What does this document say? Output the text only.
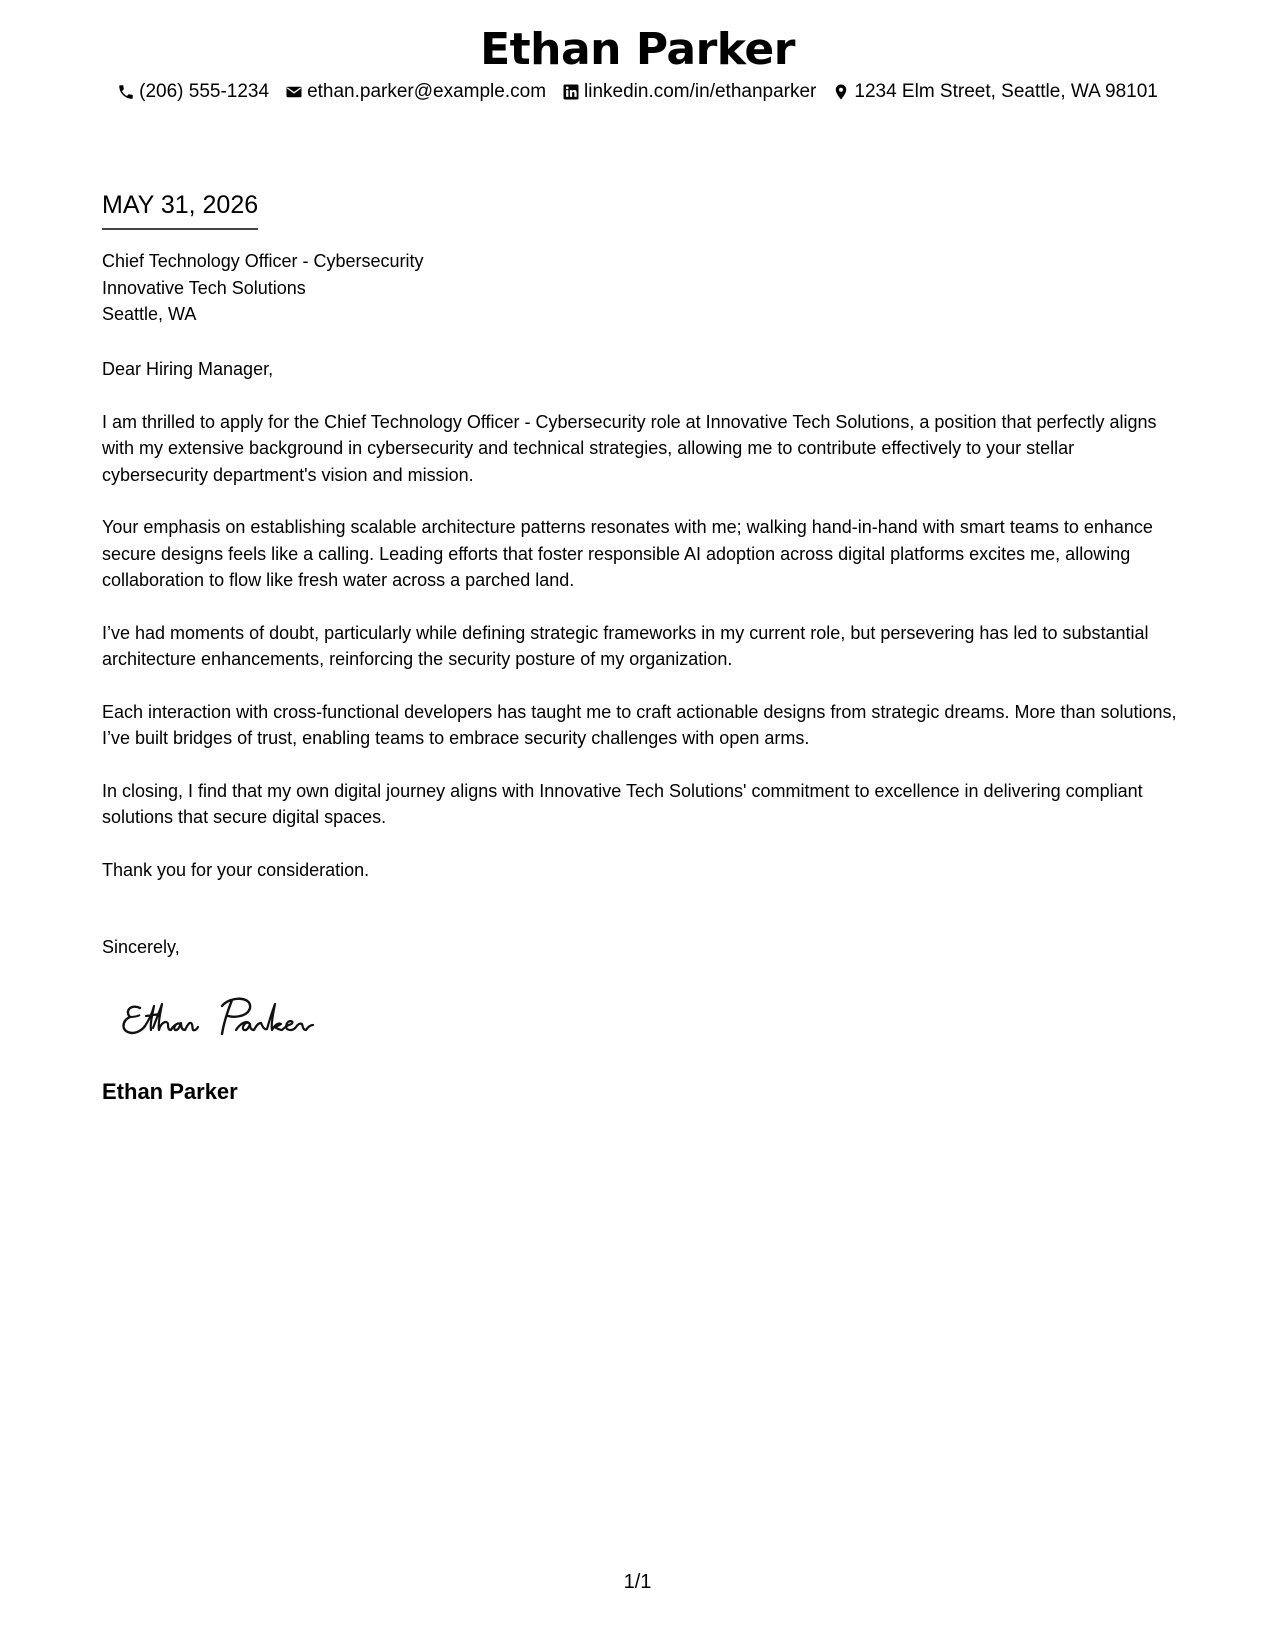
Ethan Parker
(206) 555-1234 ethan.parker@example.com linkedin.com/in/ethanparker 1234 Elm Street, Seattle, WA 98101
MAY 31, 2026
Chief Technology Officer - Cybersecurity
Innovative Tech Solutions
Seattle, WA

Dear Hiring Manager,

I am thrilled to apply for the Chief Technology Officer - Cybersecurity role at Innovative Tech Solutions, a position that perfectly aligns with my extensive background in cybersecurity and technical strategies, allowing me to contribute effectively to your stellar cybersecurity department's vision and mission.

Your emphasis on establishing scalable architecture patterns resonates with me; walking hand-in-hand with smart teams to enhance secure designs feels like a calling. Leading efforts that foster responsible AI adoption across digital platforms excites me, allowing collaboration to flow like fresh water across a parched land.

I’ve had moments of doubt, particularly while defining strategic frameworks in my current role, but persevering has led to substantial architecture enhancements, reinforcing the security posture of my organization.

Each interaction with cross-functional developers has taught me to craft actionable designs from strategic dreams. More than solutions, I’ve built bridges of trust, enabling teams to embrace security challenges with open arms.

In closing, I find that my own digital journey aligns with Innovative Tech Solutions' commitment to excellence in delivering compliant solutions that secure digital spaces.

Thank you for your consideration.

Sincerely,
Ethan Parker
1/1
